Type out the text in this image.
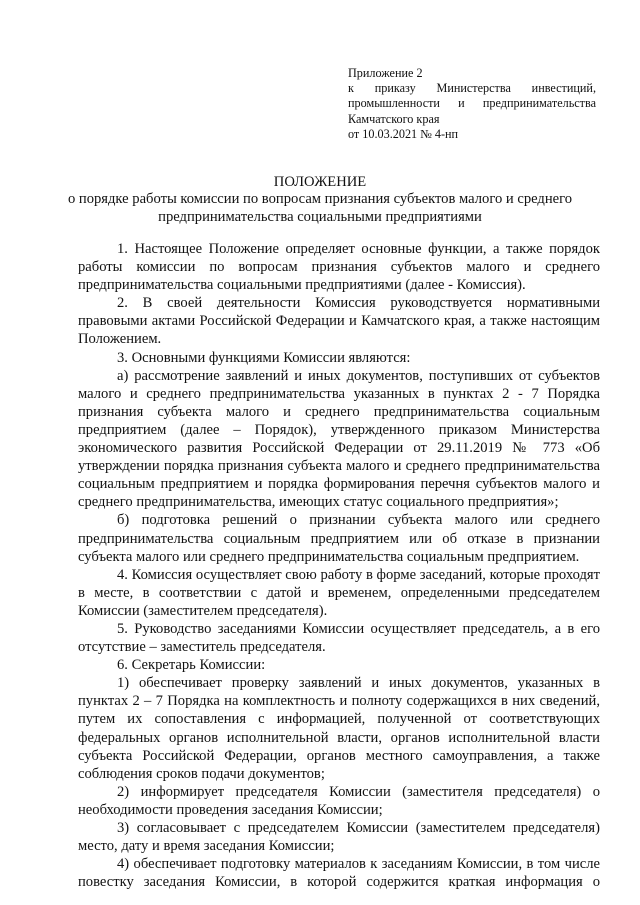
Приложение 2
к приказу Министерства инвестиций, промышленности и предпринимательства
Камчатского края
от 10.03.2021 № 4-нп
ПОЛОЖЕНИЕ
о порядке работы комиссии по вопросам признания субъектов малого и среднего предпринимательства социальными предприятиями

1. Настоящее Положение определяет основные функции, а также порядок работы комиссии по вопросам признания субъектов малого и среднего предпринимательства социальными предприятиями (далее - Комиссия).

2. В своей деятельности Комиссия руководствуется нормативными правовыми актами Российской Федерации и Камчатского края, а также настоящим Положением.

3. Основными функциями Комиссии являются:

а) рассмотрение заявлений и иных документов, поступивших от субъектов малого и среднего предпринимательства указанных в пунктах 2 - 7 Порядка признания субъекта малого и среднего предпринимательства социальным предприятием (далее – Порядок), утвержденного приказом Министерства экономического развития Российской Федерации от 29.11.2019 № 773 «Об утверждении порядка признания субъекта малого и среднего предпринимательства социальным предприятием и порядка формирования перечня субъектов малого и среднего предпринимательства, имеющих статус социального предприятия»;

б) подготовка решений о признании субъекта малого или среднего предпринимательства социальным предприятием или об отказе в признании субъекта малого или среднего предпринимательства социальным предприятием.

4. Комиссия осуществляет свою работу в форме заседаний, которые проходят в месте, в соответствии с датой и временем, определенными председателем Комиссии (заместителем председателя).

5. Руководство заседаниями Комиссии осуществляет председатель, а в его отсутствие – заместитель председателя.

6. Секретарь Комиссии:

1) обеспечивает проверку заявлений и иных документов, указанных в пунктах 2 – 7 Порядка на комплектность и полноту содержащихся в них сведений, путем их сопоставления с информацией, полученной от соответствующих федеральных органов исполнительной власти, органов исполнительной власти субъекта Российской Федерации, органов местного самоуправления, а также соблюдения сроков подачи документов;

2) информирует председателя Комиссии (заместителя председателя) о необходимости проведения заседания Комиссии;

3) согласовывает с председателем Комиссии (заместителем председателя) место, дату и время заседания Комиссии;

4) обеспечивает подготовку материалов к заседаниям Комиссии, в том числе повестку заседания Комиссии, в которой содержится краткая информация о
